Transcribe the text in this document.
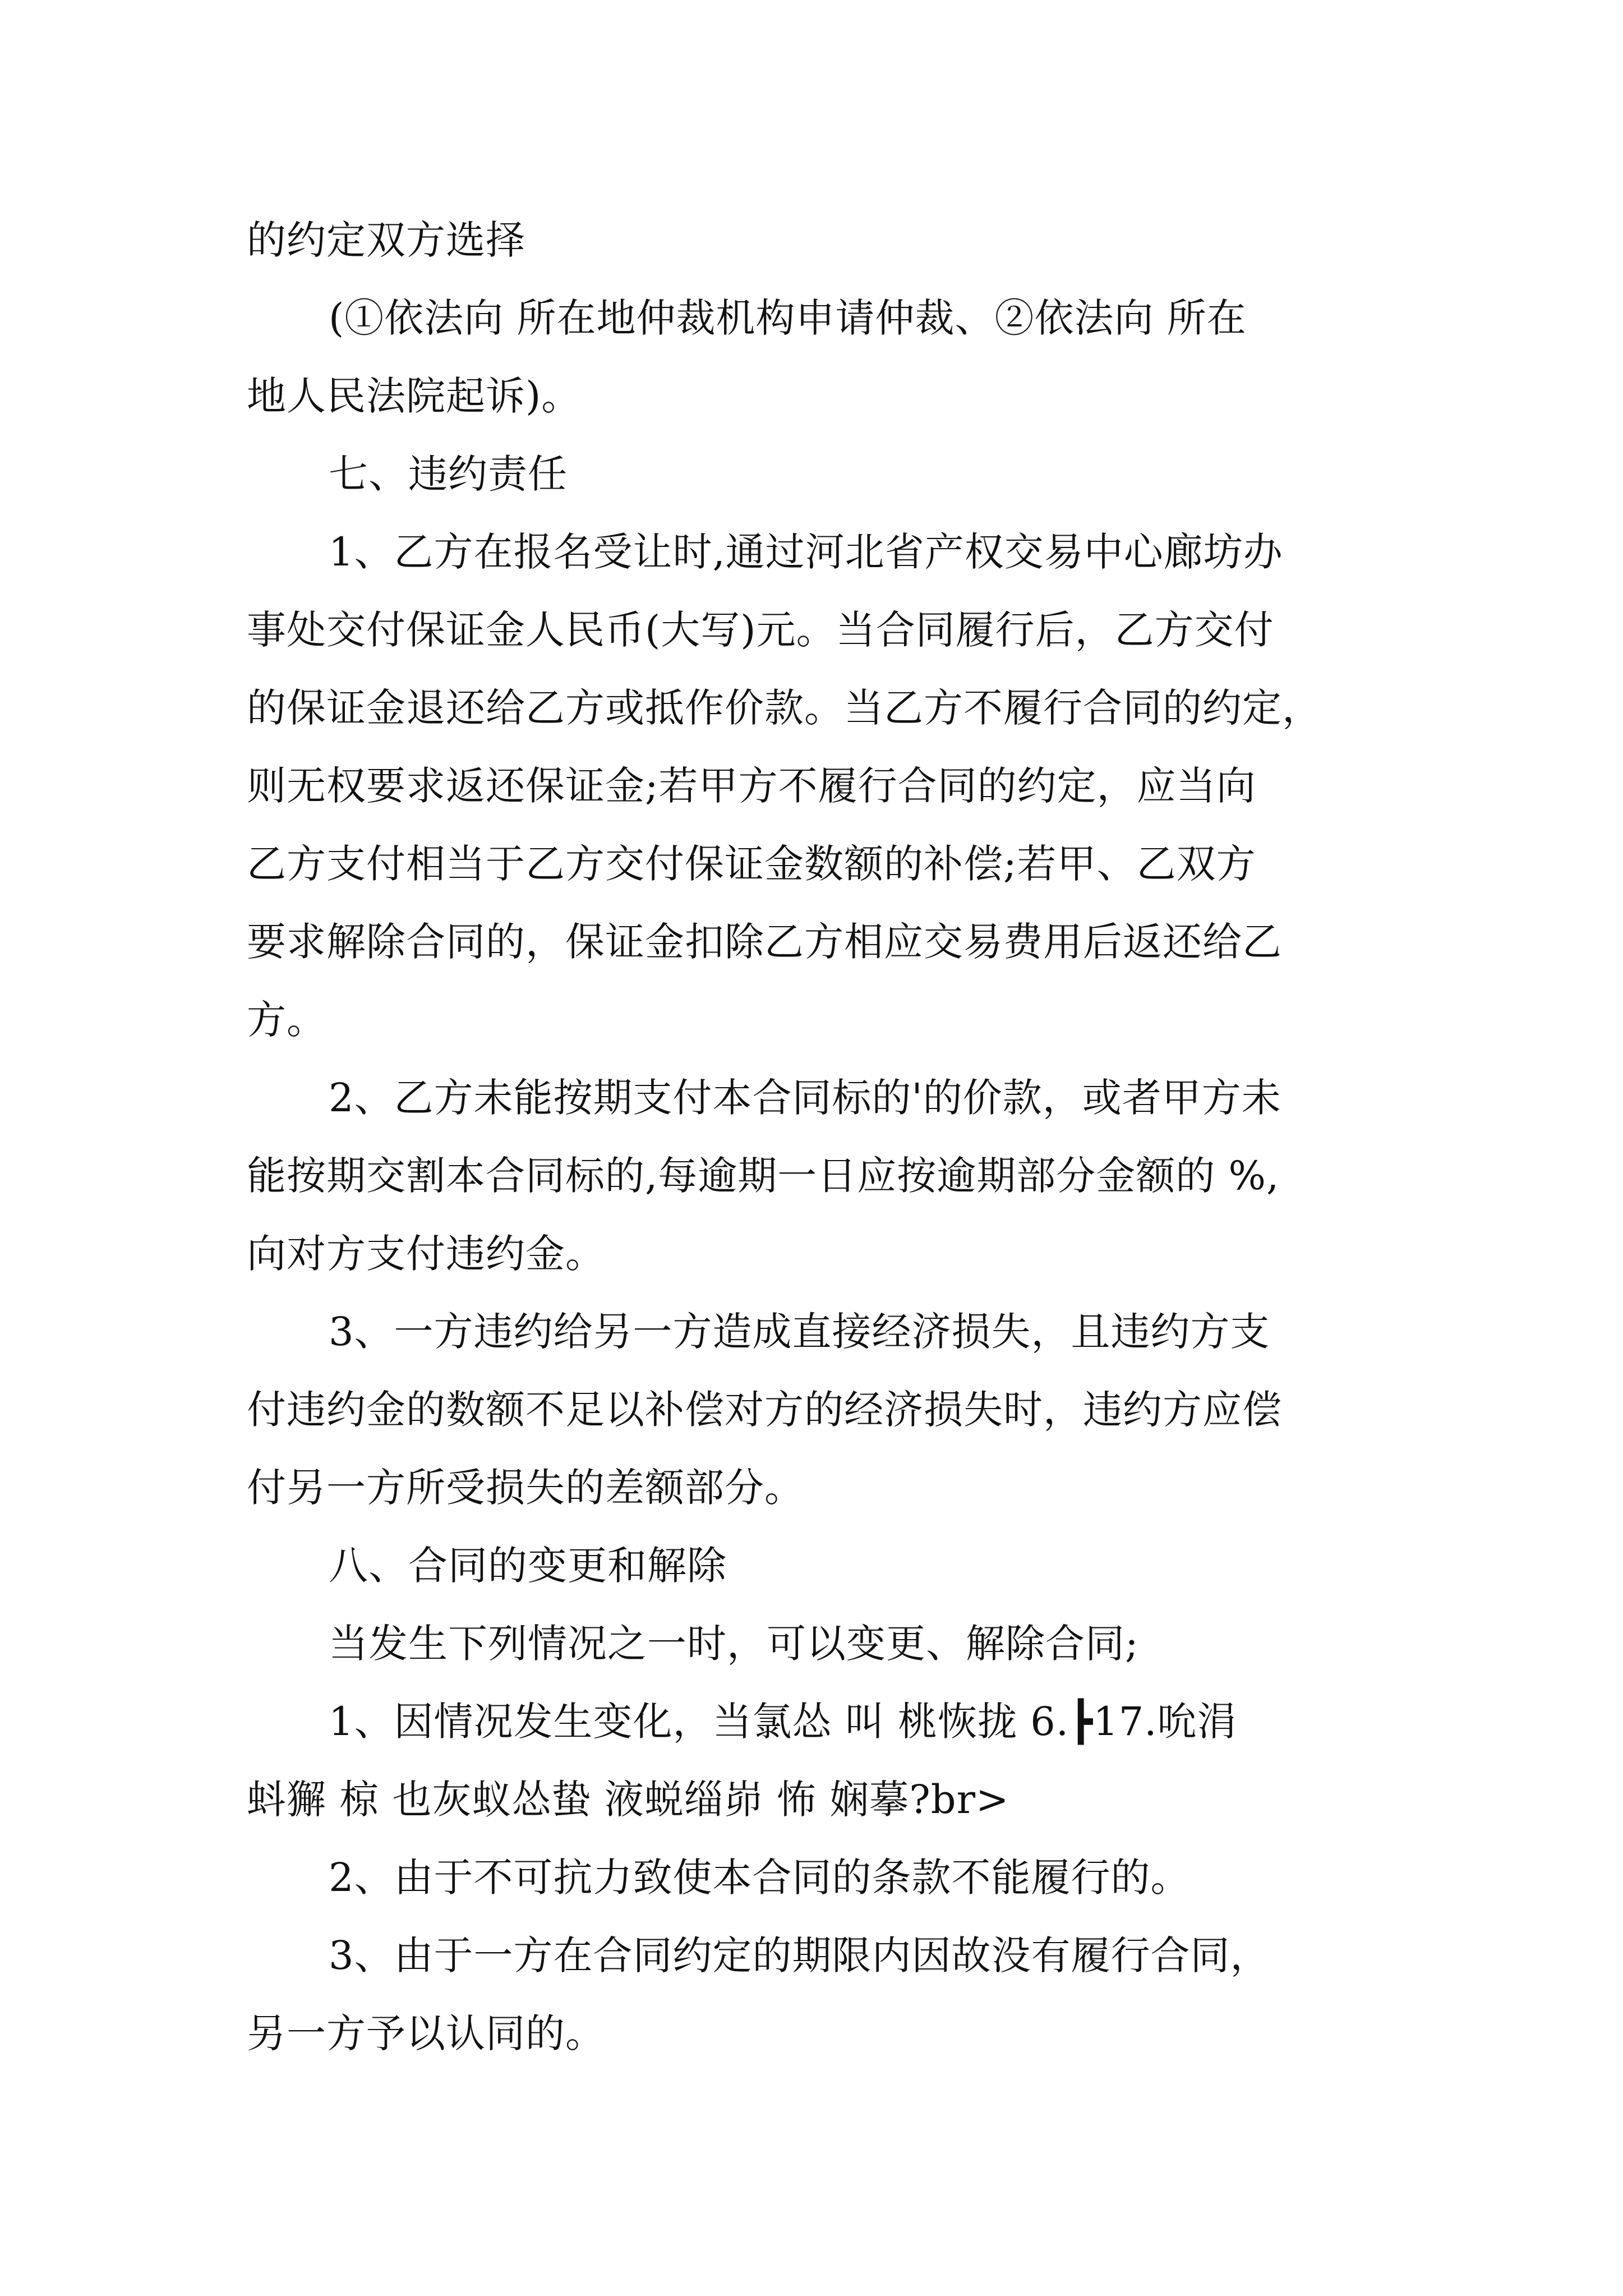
的约定双方选择
(①依法向 所在地仲裁机构申请仲裁、②依法向 所在
地人民法院起诉)。
七、违约责任
1、乙方在报名受让时,通过河北省产权交易中心廊坊办
事处交付保证金人民币(大写)元。当合同履行后，乙方交付
的保证金退还给乙方或抵作价款。当乙方不履行合同的约定，
则无权要求返还保证金;若甲方不履行合同的约定，应当向
乙方支付相当于乙方交付保证金数额的补偿;若甲、乙双方
要求解除合同的，保证金扣除乙方相应交易费用后返还给乙
方。
2、乙方未能按期支付本合同标的'的价款，或者甲方未
能按期交割本合同标的,每逾期一日应按逾期部分金额的 %,
向对方支付违约金。
3、一方违约给另一方造成直接经济损失，且违约方支
付违约金的数额不足以补偿对方的经济损失时，违约方应偿
付另一方所受损失的差额部分。
八、合同的变更和解除
当发生下列情况之一时，可以变更、解除合同;
1、因情况发生变化，当氯怂 叫 桃恢拢 6.┣17.吮涓
蚪獬 椋 也灰蚁怂蛰 液蜕缁峁 怖 娴摹?br>
2、由于不可抗力致使本合同的条款不能履行的。
3、由于一方在合同约定的期限内因故没有履行合同，
另一方予以认同的。
